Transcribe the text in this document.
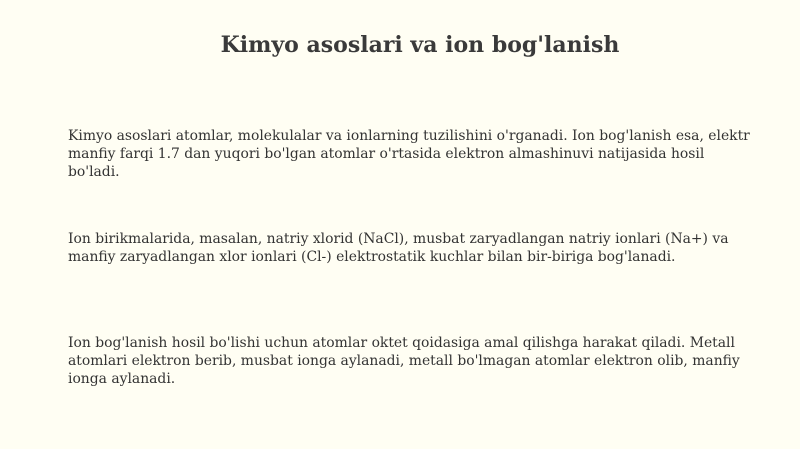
Kimyo asoslari va ion bog'lanish

Kimyo asoslari atomlar, molekulalar va ionlarning tuzilishini o'rganadi. Ion bog'lanish esa, elektr manfiy farqi 1.7 dan yuqori bo'lgan atomlar o'rtasida elektron almashinuvi natijasida hosil bo'ladi.

Ion birikmalarida, masalan, natriy xlorid (NaCl), musbat zaryadlangan natriy ionlari (Na+) va manfiy zaryadlangan xlor ionlari (Cl-) elektrostatik kuchlar bilan bir-biriga bog'lanadi.

Ion bog'lanish hosil bo'lishi uchun atomlar oktet qoidasiga amal qilishga harakat qiladi. Metall atomlari elektron berib, musbat ionga aylanadi, metall bo'lmagan atomlar elektron olib, manfiy ionga aylanadi.
